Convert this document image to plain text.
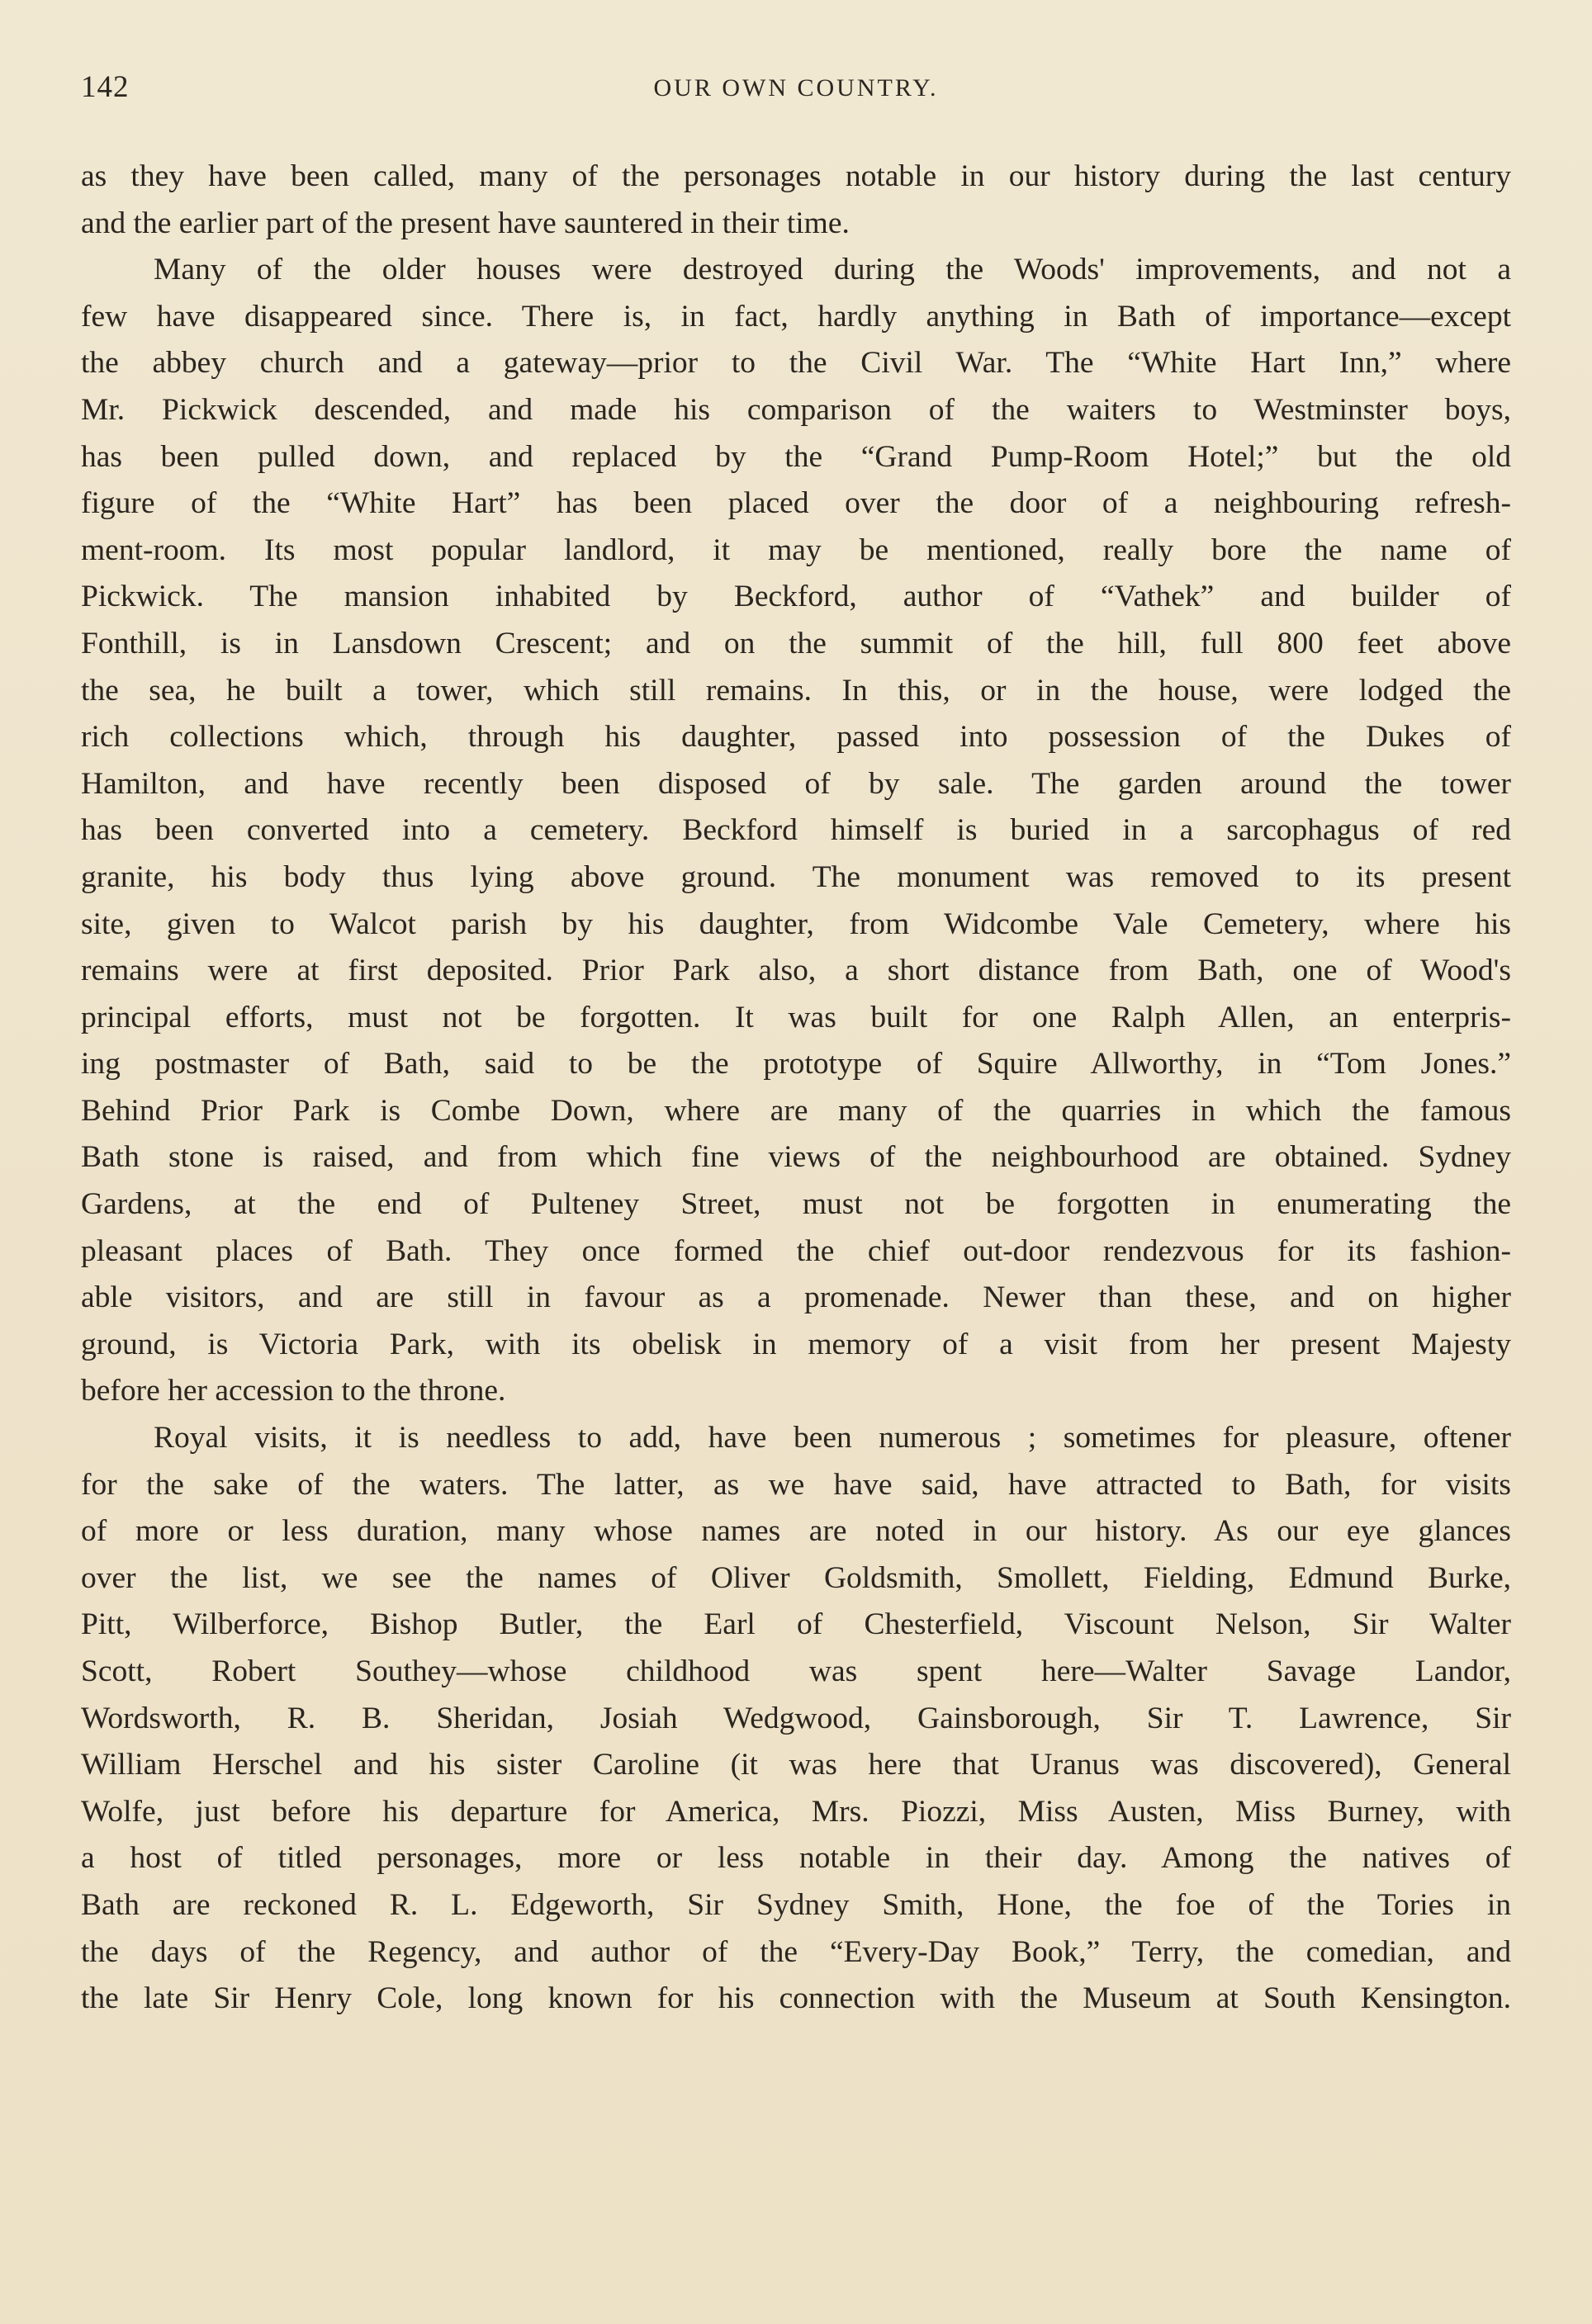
142	OUR OWN COUNTRY.

as they have been called, many of the personages notable in our history during the last century
and the earlier part of the present have sauntered in their time.

Many of the older houses were destroyed during the Woods' improvements, and not a
few have disappeared since. There is, in fact, hardly anything in Bath of importance—except
the abbey church and a gateway—prior to the Civil War. The “White Hart Inn,” where
Mr. Pickwick descended, and made his comparison of the waiters to Westminster boys,
has been pulled down, and replaced by the “Grand Pump-Room Hotel;” but the old
figure of the “White Hart” has been placed over the door of a neighbouring refresh-
ment-room. Its most popular landlord, it may be mentioned, really bore the name of
Pickwick. The mansion inhabited by Beckford, author of “Vathek” and builder of
Fonthill, is in Lansdown Crescent; and on the summit of the hill, full 800 feet above
the sea, he built a tower, which still remains. In this, or in the house, were lodged the
rich collections which, through his daughter, passed into possession of the Dukes of
Hamilton, and have recently been disposed of by sale. The garden around the tower
has been converted into a cemetery. Beckford himself is buried in a sarcophagus of red
granite, his body thus lying above ground. The monument was removed to its present
site, given to Walcot parish by his daughter, from Widcombe Vale Cemetery, where his
remains were at first deposited. Prior Park also, a short distance from Bath, one of Wood's
principal efforts, must not be forgotten. It was built for one Ralph Allen, an enterpris-
ing postmaster of Bath, said to be the prototype of Squire Allworthy, in “Tom Jones.”
Behind Prior Park is Combe Down, where are many of the quarries in which the famous
Bath stone is raised, and from which fine views of the neighbourhood are obtained. Sydney
Gardens, at the end of Pulteney Street, must not be forgotten in enumerating the
pleasant places of Bath. They once formed the chief out-door rendezvous for its fashion-
able visitors, and are still in favour as a promenade. Newer than these, and on higher
ground, is Victoria Park, with its obelisk in memory of a visit from her present Majesty
before her accession to the throne.

Royal visits, it is needless to add, have been numerous ; sometimes for pleasure, oftener
for the sake of the waters. The latter, as we have said, have attracted to Bath, for visits
of more or less duration, many whose names are noted in our history. As our eye glances
over the list, we see the names of Oliver Goldsmith, Smollett, Fielding, Edmund Burke,
Pitt, Wilberforce, Bishop Butler, the Earl of Chesterfield, Viscount Nelson, Sir Walter
Scott, Robert Southey—whose childhood was spent here—Walter Savage Landor,
Wordsworth, R. B. Sheridan, Josiah Wedgwood, Gainsborough, Sir T. Lawrence, Sir
William Herschel and his sister Caroline (it was here that Uranus was discovered), General
Wolfe, just before his departure for America, Mrs. Piozzi, Miss Austen, Miss Burney, with
a host of titled personages, more or less notable in their day. Among the natives of
Bath are reckoned R. L. Edgeworth, Sir Sydney Smith, Hone, the foe of the Tories in
the days of the Regency, and author of the “Every-Day Book,” Terry, the comedian, and
the late Sir Henry Cole, long known for his connection with the Museum at South Kensington.
